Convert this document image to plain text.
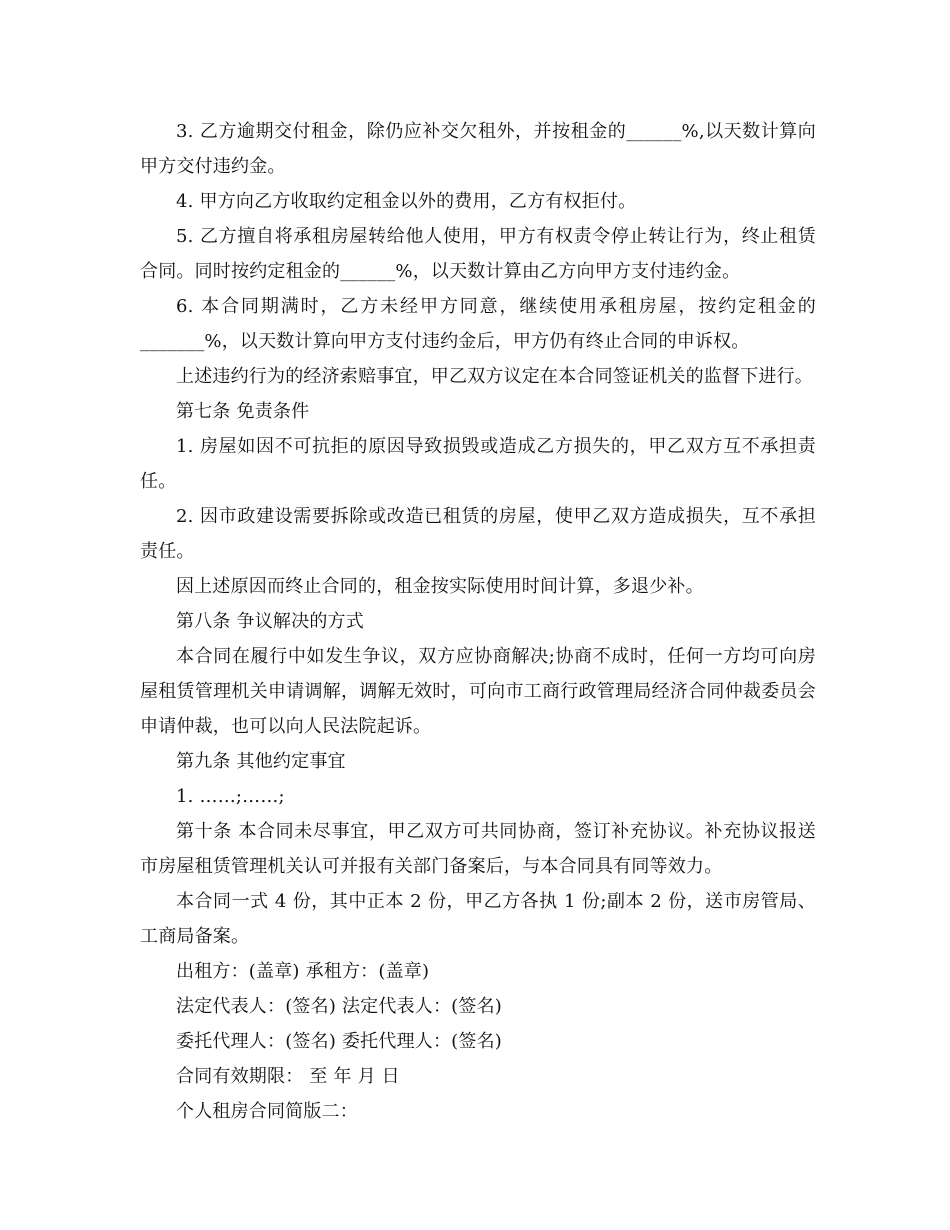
3. 乙方逾期交付租金，除仍应补交欠租外，并按租金的______%,以天数计算向甲方交付违约金。

4. 甲方向乙方收取约定租金以外的费用，乙方有权拒付。

5. 乙方擅自将承租房屋转给他人使用，甲方有权责令停止转让行为，终止租赁合同。同时按约定租金的______%，以天数计算由乙方向甲方支付违约金。

6. 本合同期满时，乙方未经甲方同意，继续使用承租房屋，按约定租金的_______%，以天数计算向甲方支付违约金后，甲方仍有终止合同的申诉权。

上述违约行为的经济索赔事宜，甲乙双方议定在本合同签证机关的监督下进行。

第七条 免责条件

1. 房屋如因不可抗拒的原因导致损毁或造成乙方损失的，甲乙双方互不承担责任。

2. 因市政建设需要拆除或改造已租赁的房屋，使甲乙双方造成损失，互不承担责任。

因上述原因而终止合同的，租金按实际使用时间计算，多退少补。

第八条 争议解决的方式

本合同在履行中如发生争议，双方应协商解决;协商不成时，任何一方均可向房屋租赁管理机关申请调解，调解无效时，可向市工商行政管理局经济合同仲裁委员会申请仲裁，也可以向人民法院起诉。

第九条 其他约定事宜

1. ……;……;

第十条 本合同未尽事宜，甲乙双方可共同协商，签订补充协议。补充协议报送市房屋租赁管理机关认可并报有关部门备案后，与本合同具有同等效力。

本合同一式 4 份，其中正本 2 份，甲乙方各执 1 份;副本 2 份，送市房管局、工商局备案。

出租方：(盖章) 承租方：(盖章)

法定代表人：(签名) 法定代表人：(签名)

委托代理人：(签名) 委托代理人：(签名)

合同有效期限： 至 年 月 日

个人租房合同简版二：
